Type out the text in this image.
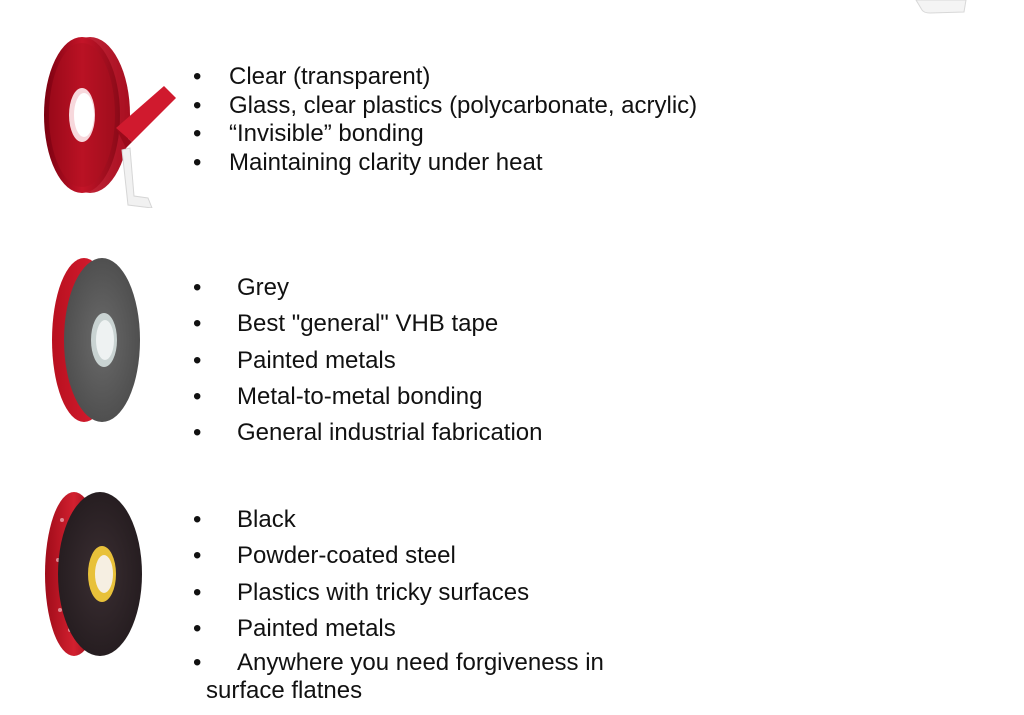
• Clear (transparent)
• Glass, clear plastics (polycarbonate, acrylic)
• “Invisible” bonding
• Maintaining clarity under heat
• Grey
• Best "general" VHB tape
• Painted metals
• Metal-to-metal bonding
• General industrial fabrication
• Black
• Powder-coated steel
• Plastics with tricky surfaces
• Painted metals
• Anywhere you need forgiveness in
surface flatnes
